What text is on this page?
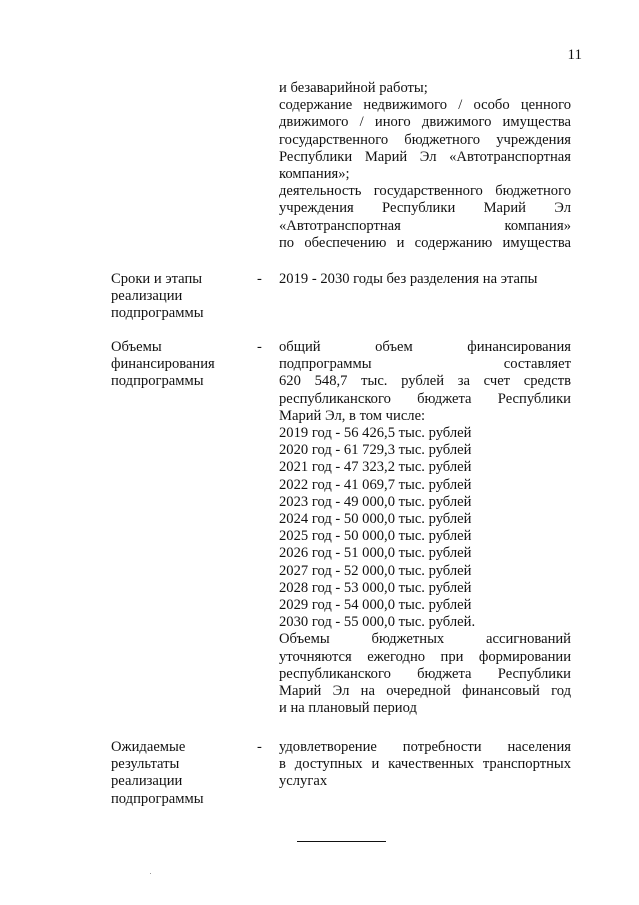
11
и безаварийной работы;
содержание недвижимого / особо ценного
движимого / иного движимого имущества
государственного бюджетного учреждения
Республики Марий Эл «Автотранспортная
компания»;
деятельность государственного бюджетного
учреждения Республики Марий Эл
«Автотранспортная компания»
по обеспечению и содержанию имущества
Сроки и этапы
реализации
подпрограммы
-	2019 - 2030 годы без разделения на этапы
Объемы
финансирования
подпрограммы
-	общий объем финансирования
подпрограммы составляет
620 548,7 тыс. рублей за счет средств
республиканского бюджета Республики
Марий Эл, в том числе:
2019 год - 56 426,5 тыс. рублей
2020 год - 61 729,3 тыс. рублей
2021 год - 47 323,2 тыс. рублей
2022 год - 41 069,7 тыс. рублей
2023 год - 49 000,0 тыс. рублей
2024 год - 50 000,0 тыс. рублей
2025 год - 50 000,0 тыс. рублей
2026 год - 51 000,0 тыс. рублей
2027 год - 52 000,0 тыс. рублей
2028 год - 53 000,0 тыс. рублей
2029 год - 54 000,0 тыс. рублей
2030 год - 55 000,0 тыс. рублей.
Объемы бюджетных ассигнований
уточняются ежегодно при формировании
республиканского бюджета Республики
Марий Эл на очередной финансовый год
и на плановый период
Ожидаемые
результаты
реализации
подпрограммы
-	удовлетворение потребности населения
в доступных и качественных транспортных
услугах
